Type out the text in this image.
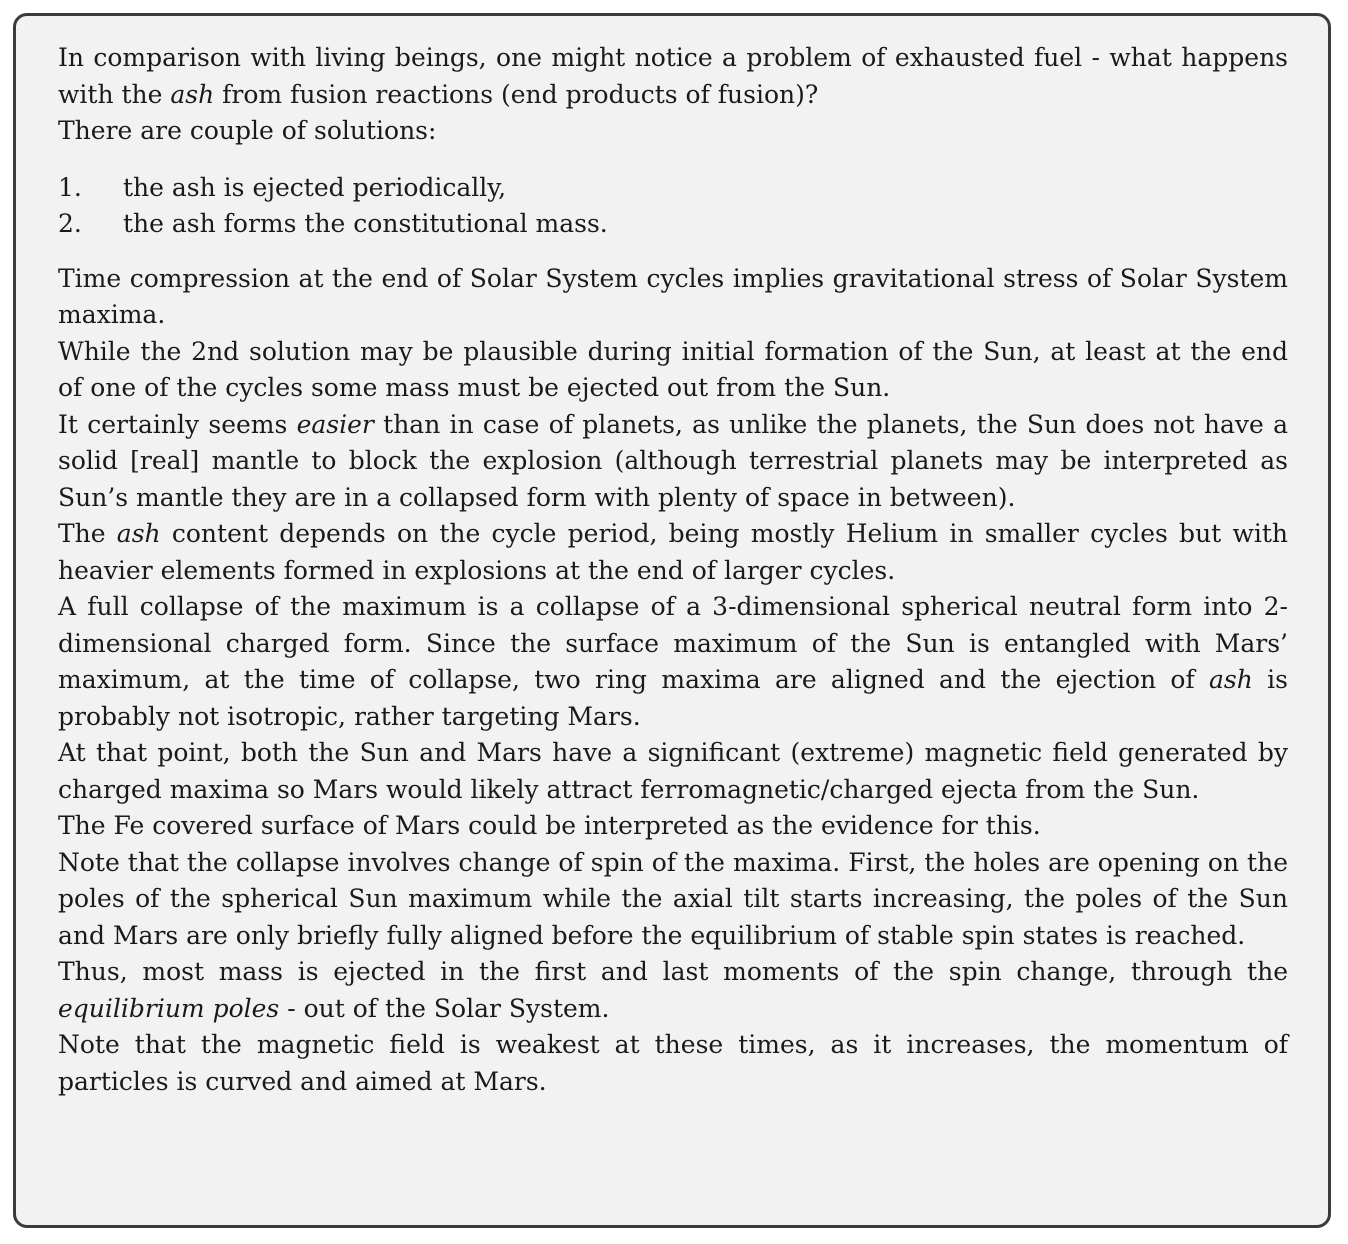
In comparison with living beings, one might notice a problem of exhausted fuel - what happens with the ash from fusion reactions (end products of fusion)?

There are couple of solutions:

1.	the ash is ejected periodically,
2.	the ash forms the constitutional mass.

Time compression at the end of Solar System cycles implies gravitational stress of Solar System maxima.

While the 2nd solution may be plausible during initial formation of the Sun, at least at the end of one of the cycles some mass must be ejected out from the Sun.

It certainly seems easier than in case of planets, as unlike the planets, the Sun does not have a solid [real] mantle to block the explosion (although terrestrial planets may be interpreted as Sun’s mantle they are in a collapsed form with plenty of space in between).

The ash content depends on the cycle period, being mostly Helium in smaller cycles but with heavier elements formed in explosions at the end of larger cycles.

A full collapse of the maximum is a collapse of a 3-dimensional spherical neutral form into 2-dimensional charged form. Since the surface maximum of the Sun is entangled with Mars’ maximum, at the time of collapse, two ring maxima are aligned and the ejection of ash is probably not isotropic, rather targeting Mars.

At that point, both the Sun and Mars have a significant (extreme) magnetic field generated by charged maxima so Mars would likely attract ferromagnetic/charged ejecta from the Sun.

The Fe covered surface of Mars could be interpreted as the evidence for this.

Note that the collapse involves change of spin of the maxima. First, the holes are opening on the poles of the spherical Sun maximum while the axial tilt starts increasing, the poles of the Sun and Mars are only briefly fully aligned before the equilibrium of stable spin states is reached.

Thus, most mass is ejected in the first and last moments of the spin change, through the equilibrium poles - out of the Solar System.

Note that the magnetic field is weakest at these times, as it increases, the momentum of particles is curved and aimed at Mars.
